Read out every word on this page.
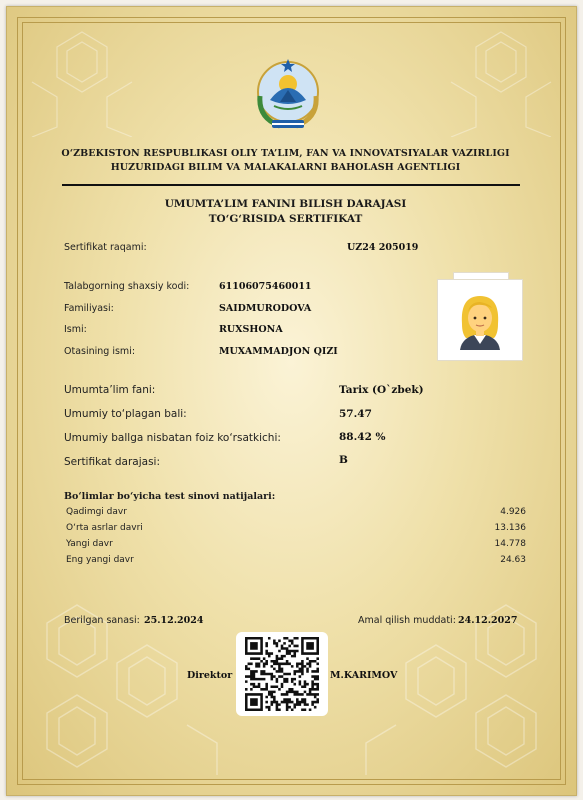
O‘ZBEKISTON RESPUBLIKASI OLIY TA’LIM, FAN VA INNOVATSIYALAR VAZIRLIGI
HUZURIDAGI BILIM VA MALAKALARNI BAHOLASH AGENTLIGI
UMUMTA’LIM FANINI BILISH DARAJASI
TO‘G‘RISIDA SERTIFIKAT
Sertifikat raqami:	UZ24 205019
Talabgorning shaxsiy kodi:	61106075460011
Familiyasi:	SAIDMURODOVA
Ismi:	RUXSHONA
Otasining ismi:	MUXAMMADJON QIZI
Umumta’lim fani:	Tarix (O`zbek)
Umumiy to‘plagan bali:	57.47
Umumiy ballga nisbatan foiz ko‘rsatkichi:	88.42 %
Sertifikat darajasi:	B
Bo‘limlar bo‘yicha test sinovi natijalari:
Qadimgi davr	4.926
O‘rta asrlar davri	13.136
Yangi davr	14.778
Eng yangi davr	24.63
Berilgan sanasi: 25.12.2024	Amal qilish muddati: 24.12.2027
Direktor	M.KARIMOV
